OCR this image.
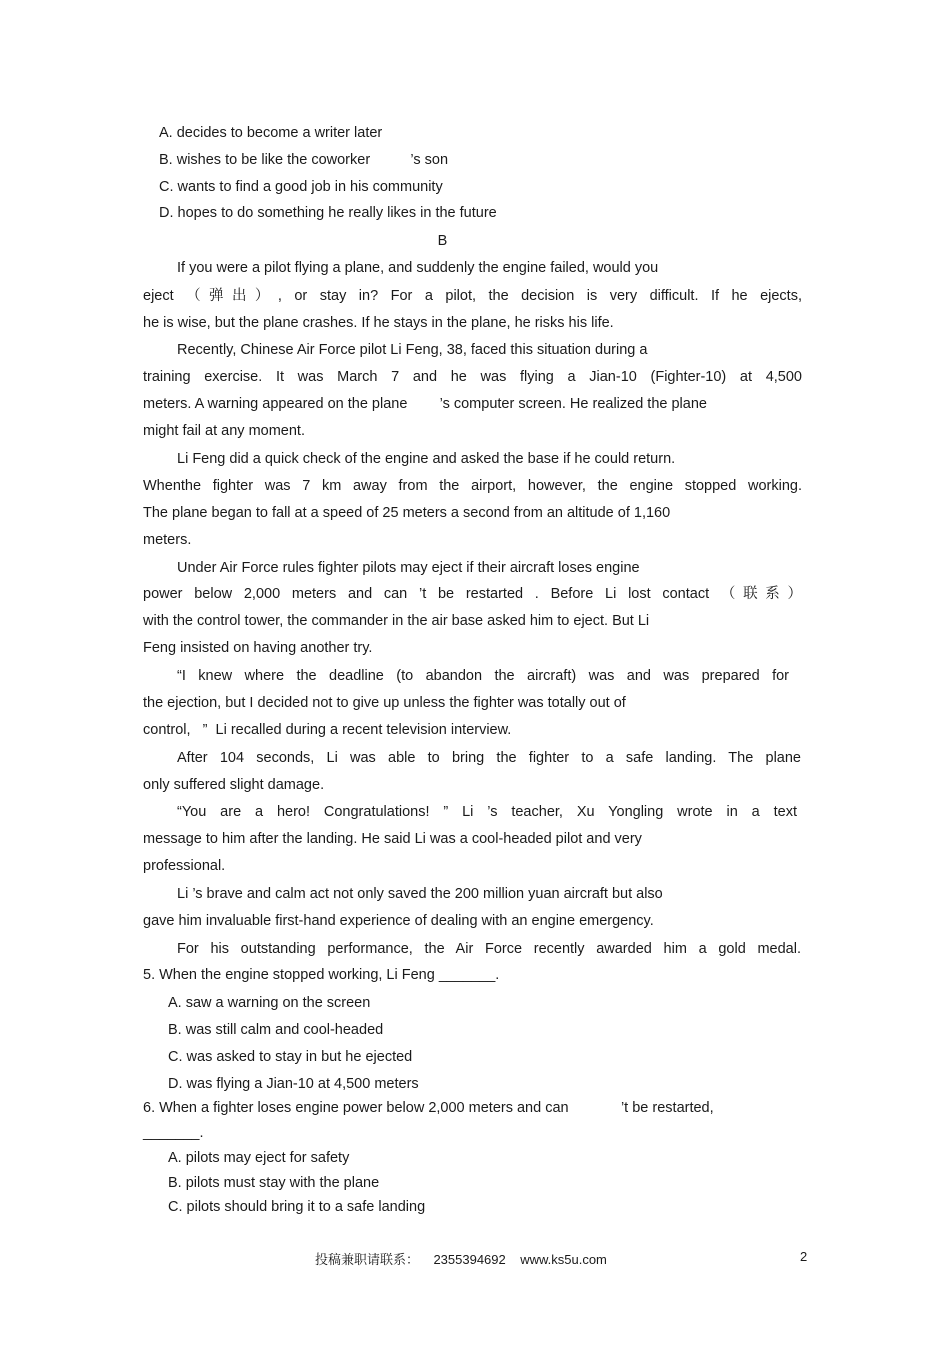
A. decides to become a writer later
B. wishes to be like the coworker          ’s son
C. wants to find a good job in his community
D. hopes to do something he really likes in the future
B
If you were a pilot flying a plane, and suddenly the engine failed, would you
eject （弹出）, or stay in? For a pilot, the decision is very difficult. If he ejects,
he is wise, but the plane crashes. If he stays in the plane, he risks his life.
Recently, Chinese Air Force pilot Li Feng, 38, faced this situation during a
training exercise. It was March 7 and he was flying a Jian-10 (Fighter-10) at 4,500
meters. A warning appeared on the plane        ’s computer screen. He realized the plane
might fail at any moment.
Li Feng did a quick check of the engine and asked the base if he could return.
Whenthe fighter was 7 km away from the airport, however, the engine stopped working.
The plane began to fall at a speed of 25 meters a second from an altitude of 1,160
meters.
Under Air Force rules fighter pilots may eject if their aircraft loses engine
power below 2,000 meters and can ’t be restarted . Before Li lost contact （联系）
with the control tower, the commander in the air base asked him to eject. But Li
Feng insisted on having another try.
“I knew where the deadline (to abandon the aircraft) was and was prepared for
the ejection, but I decided not to give up unless the fighter was totally out of
control,   ”  Li recalled during a recent television interview.
After 104 seconds, Li was able to bring the fighter to a safe landing. The plane
only suffered slight damage.
“You are a hero! Congratulations! ” Li ’s teacher, Xu Yongling wrote in a text
message to him after the landing. He said Li was a cool-headed pilot and very
professional.
Li ’s brave and calm act not only saved the 200 million yuan aircraft but also
gave him invaluable first-hand experience of dealing with an engine emergency.
For his outstanding performance, the Air Force recently awarded him a gold medal.
5. When the engine stopped working, Li Feng _______.
A. saw a warning on the screen
B. was still calm and cool-headed
C. was asked to stay in but he ejected
D. was flying a Jian-10 at 4,500 meters
6. When a fighter loses engine power below 2,000 meters and can             ’t be restarted,
_______.
A. pilots may eject for safety
B. pilots must stay with the plane
C. pilots should bring it to a safe landing
投稿兼职请联系：    2355394692    www.ks5u.com	2
